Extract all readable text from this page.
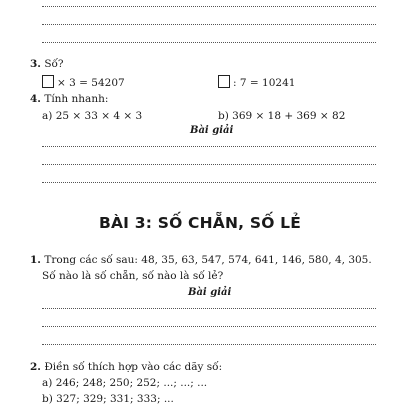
3. Số?
× 3 = 54207	: 7 = 10241
4. Tính nhanh:
a) 25 × 33 × 4 × 3	b) 369 × 18 + 369 × 82
Bài giải
BÀI 3: SỐ CHẴN, SỐ LẺ
1. Trong các số sau: 48, 35, 63, 547, 574, 641, 146, 580, 4, 305.
Số nào là số chẵn, số nào là số lẻ?
Bài giải
2. Điền số thích hợp vào các dãy số:
a) 246; 248; 250; 252; ...; ...; ...
b) 327; 329; 331; 333; ...
